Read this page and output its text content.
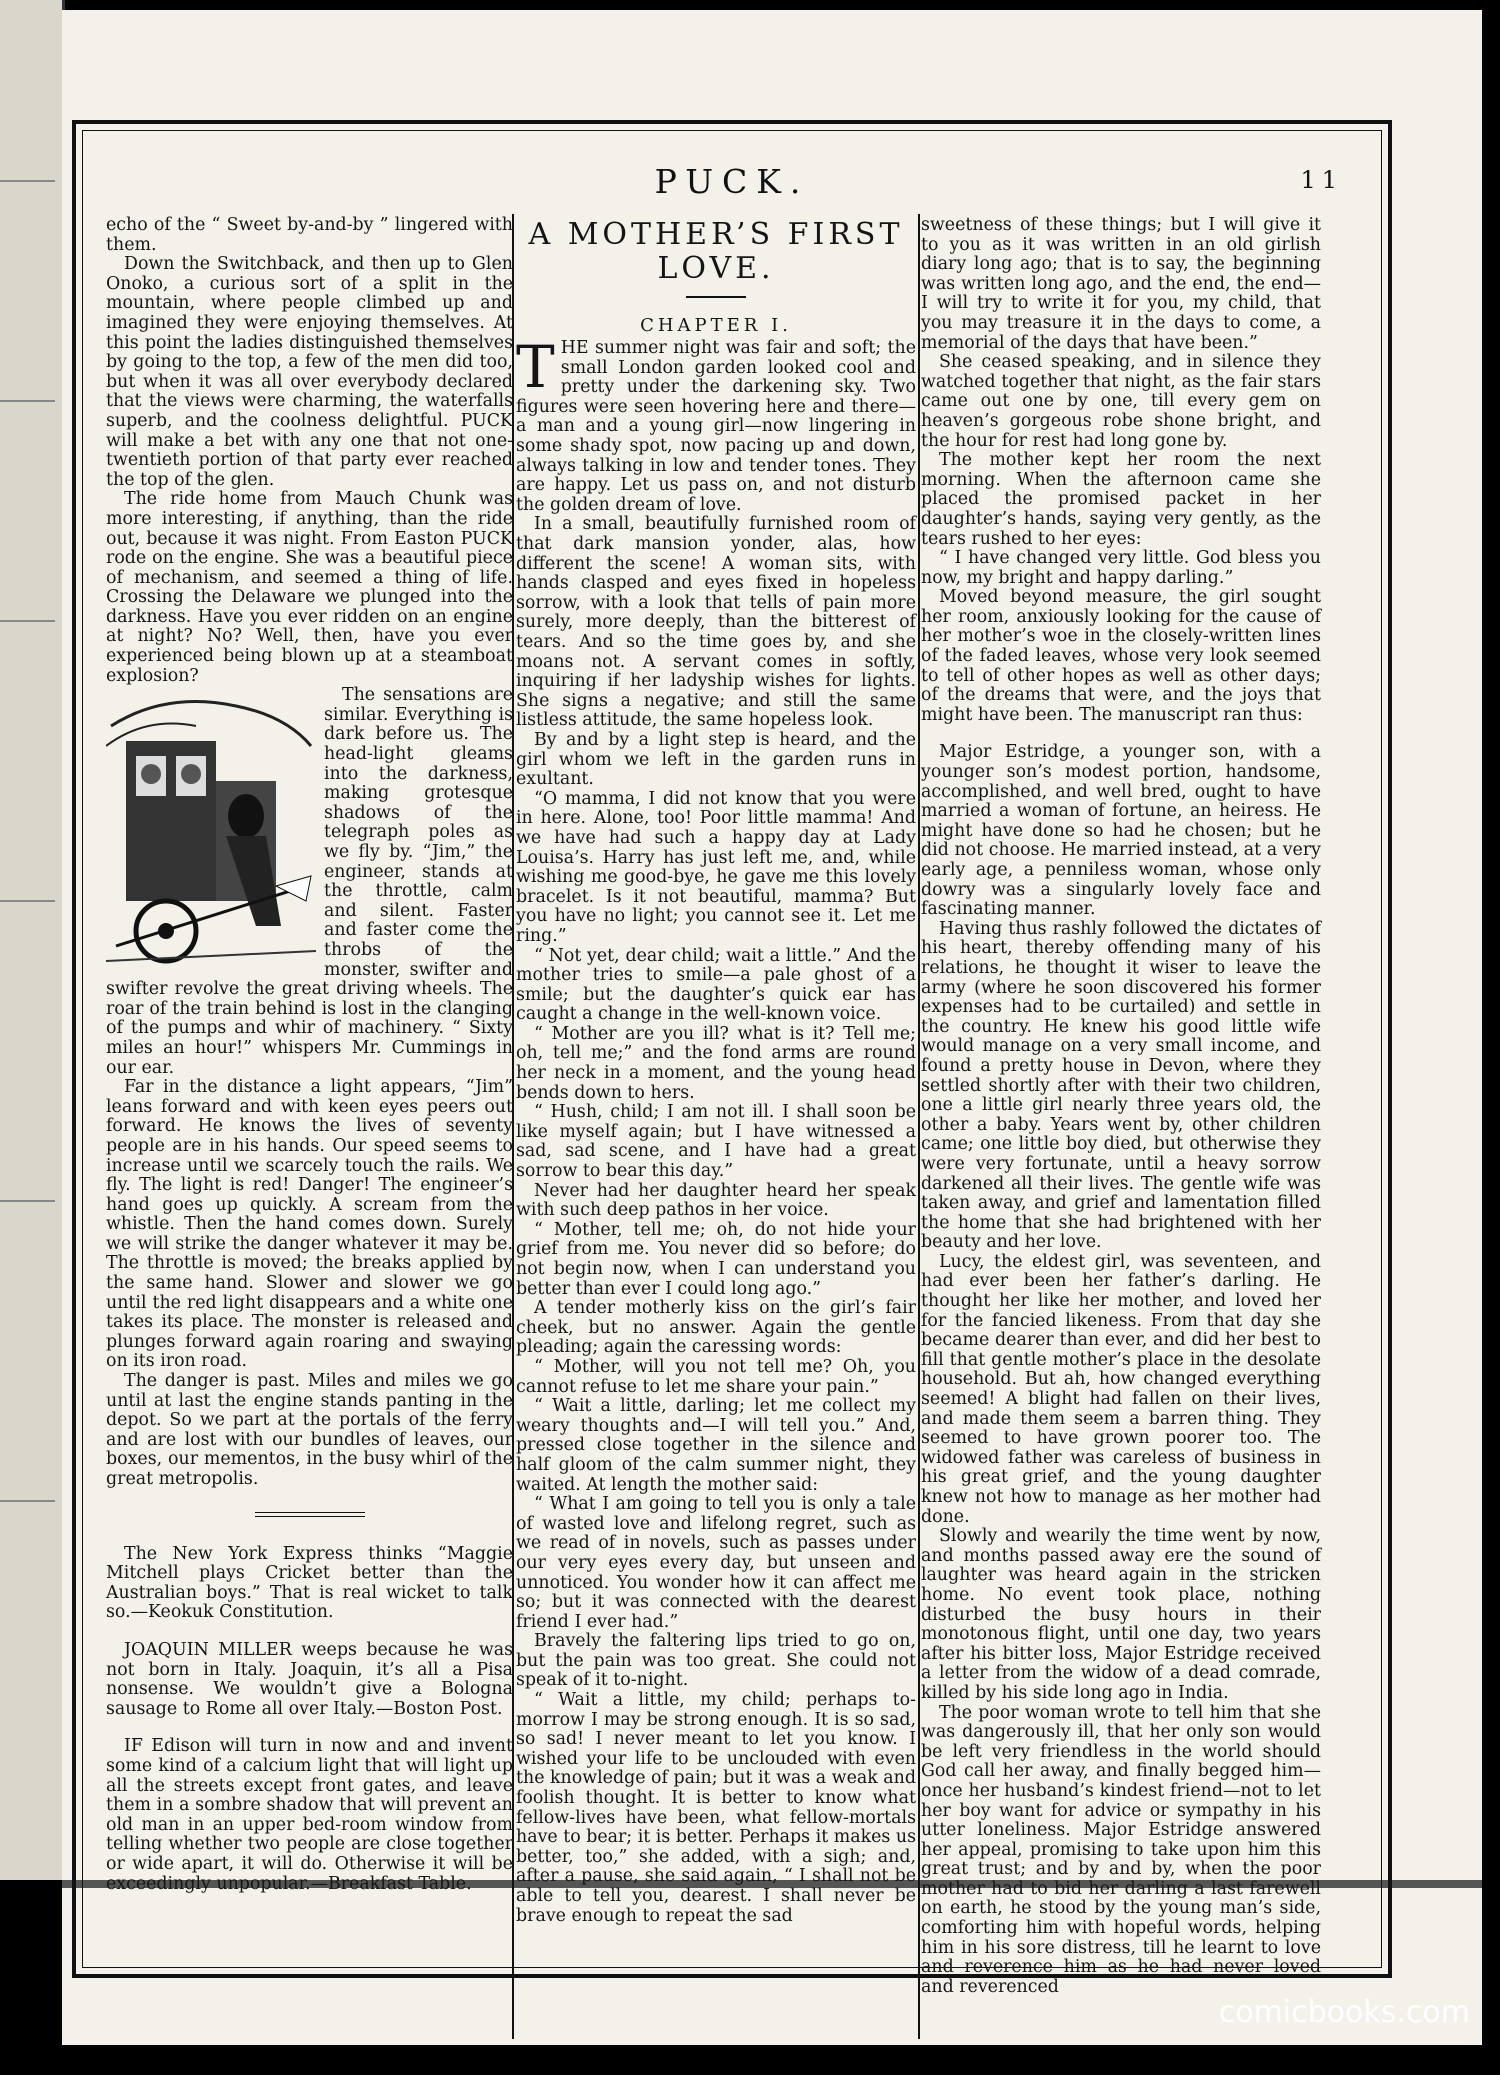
PUCK.	11

echo of the “ Sweet by-and-by ” lingered with them.

Down the Switchback, and then up to Glen Onoko, a curious sort of a split in the mountain, where people climbed up and imagined they were enjoying themselves. At this point the ladies distinguished themselves by going to the top, a few of the men did too, but when it was all over everybody declared that the views were charming, the waterfalls superb, and the coolness delightful. PUCK will make a bet with any one that not one-twentieth portion of that party ever reached the top of the glen.

The ride home from Mauch Chunk was more interesting, if anything, than the ride out, because it was night. From Easton PUCK rode on the engine. She was a beautiful piece of mechanism, and seemed a thing of life. Crossing the Delaware we plunged into the darkness. Have you ever ridden on an engine at night? No? Well, then, have you ever experienced being blown up at a steamboat explosion?

The sensations are similar. Everything is dark before us. The head-light gleams into the darkness, making grotesque shadows of the telegraph poles as we fly by. “Jim,” the engineer, stands at the throttle, calm and silent. Faster and faster come the throbs of the monster, swifter and swifter revolve the great driving wheels. The roar of the train behind is lost in the clanging of the pumps and whir of machinery. “ Sixty miles an hour!” whispers Mr. Cummings in our ear.

Far in the distance a light appears, “Jim” leans forward and with keen eyes peers out forward. He knows the lives of seventy people are in his hands. Our speed seems to increase until we scarcely touch the rails. We fly. The light is red! Danger! The engineer’s hand goes up quickly. A scream from the whistle. Then the hand comes down. Surely we will strike the danger whatever it may be. The throttle is moved; the breaks applied by the same hand. Slower and slower we go until the red light disappears and a white one takes its place. The monster is released and plunges forward again roaring and swaying on its iron road.

The danger is past. Miles and miles we go until at last the engine stands panting in the depot. So we part at the portals of the ferry and are lost with our bundles of leaves, our boxes, our mementos, in the busy whirl of the great metropolis.

The New York Express thinks “Maggie Mitchell plays Cricket better than the Australian boys.” That is real wicket to talk so.—Keokuk Constitution.

JOAQUIN MILLER weeps because he was not born in Italy. Joaquin, it’s all a Pisa nonsense. We wouldn’t give a Bologna sausage to Rome all over Italy.—Boston Post.

IF Edison will turn in now and and invent some kind of a calcium light that will light up all the streets except front gates, and leave them in a sombre shadow that will prevent an old man in an upper bed-room window from telling whether two people are close together or wide apart, it will do. Otherwise it will be exceedingly unpopular.—Breakfast Table.

A MOTHER’S FIRST LOVE.
CHAPTER I.

THE summer night was fair and soft; the small London garden looked cool and pretty under the darkening sky. Two figures were seen hovering here and there—a man and a young girl—now lingering in some shady spot, now pacing up and down, always talking in low and tender tones. They are happy. Let us pass on, and not disturb the golden dream of love.

In a small, beautifully furnished room of that dark mansion yonder, alas, how different the scene! A woman sits, with hands clasped and eyes fixed in hopeless sorrow, with a look that tells of pain more surely, more deeply, than the bitterest of tears. And so the time goes by, and she moans not. A servant comes in softly, inquiring if her ladyship wishes for lights. She signs a negative; and still the same listless attitude, the same hopeless look.

By and by a light step is heard, and the girl whom we left in the garden runs in exultant.

“O mamma, I did not know that you were in here. Alone, too! Poor little mamma! And we have had such a happy day at Lady Louisa’s. Harry has just left me, and, while wishing me good-bye, he gave me this lovely bracelet. Is it not beautiful, mamma? But you have no light; you cannot see it. Let me ring.”

“ Not yet, dear child; wait a little.” And the mother tries to smile—a pale ghost of a smile; but the daughter’s quick ear has caught a change in the well-known voice.

“ Mother are you ill? what is it? Tell me; oh, tell me;” and the fond arms are round her neck in a moment, and the young head bends down to hers.

“ Hush, child; I am not ill. I shall soon be like myself again; but I have witnessed a sad, sad scene, and I have had a great sorrow to bear this day.”

Never had her daughter heard her speak with such deep pathos in her voice.

“ Mother, tell me; oh, do not hide your grief from me. You never did so before; do not begin now, when I can understand you better than ever I could long ago.”

A tender motherly kiss on the girl’s fair cheek, but no answer. Again the gentle pleading; again the caressing words:

“ Mother, will you not tell me? Oh, you cannot refuse to let me share your pain.”

“ Wait a little, darling; let me collect my weary thoughts and—I will tell you.” And, pressed close together in the silence and half gloom of the calm summer night, they waited. At length the mother said:

“ What I am going to tell you is only a tale of wasted love and lifelong regret, such as we read of in novels, such as passes under our very eyes every day, but unseen and unnoticed. You wonder how it can affect me so; but it was connected with the dearest friend I ever had.”

Bravely the faltering lips tried to go on, but the pain was too great. She could not speak of it to-night.

“ Wait a little, my child; perhaps to-morrow I may be strong enough. It is so sad, so sad! I never meant to let you know. I wished your life to be unclouded with even the knowledge of pain; but it was a weak and foolish thought. It is better to know what fellow-lives have been, what fellow-mortals have to bear; it is better. Perhaps it makes us better, too,” she added, with a sigh; and, after a pause, she said again, “ I shall not be able to tell you, dearest. I shall never be brave enough to repeat the sad

sweetness of these things; but I will give it to you as it was written in an old girlish diary long ago; that is to say, the beginning was written long ago, and the end, the end—I will try to write it for you, my child, that you may treasure it in the days to come, a memorial of the days that have been.”

She ceased speaking, and in silence they watched together that night, as the fair stars came out one by one, till every gem on heaven’s gorgeous robe shone bright, and the hour for rest had long gone by.

The mother kept her room the next morning. When the afternoon came she placed the promised packet in her daughter’s hands, saying very gently, as the tears rushed to her eyes:

“ I have changed very little. God bless you now, my bright and happy darling.”

Moved beyond measure, the girl sought her room, anxiously looking for the cause of her mother’s woe in the closely-written lines of the faded leaves, whose very look seemed to tell of other hopes as well as other days; of the dreams that were, and the joys that might have been. The manuscript ran thus:

Major Estridge, a younger son, with a younger son’s modest portion, handsome, accomplished, and well bred, ought to have married a woman of fortune, an heiress. He might have done so had he chosen; but he did not choose. He married instead, at a very early age, a penniless woman, whose only dowry was a singularly lovely face and fascinating manner.

Having thus rashly followed the dictates of his heart, thereby offending many of his relations, he thought it wiser to leave the army (where he soon discovered his former expenses had to be curtailed) and settle in the country. He knew his good little wife would manage on a very small income, and found a pretty house in Devon, where they settled shortly after with their two children, one a little girl nearly three years old, the other a baby. Years went by, other children came; one little boy died, but otherwise they were very fortunate, until a heavy sorrow darkened all their lives. The gentle wife was taken away, and grief and lamentation filled the home that she had brightened with her beauty and her love.

Lucy, the eldest girl, was seventeen, and had ever been her father’s darling. He thought her like her mother, and loved her for the fancied likeness. From that day she became dearer than ever, and did her best to fill that gentle mother’s place in the desolate household. But ah, how changed everything seemed! A blight had fallen on their lives, and made them seem a barren thing. They seemed to have grown poorer too. The widowed father was careless of business in his great grief, and the young daughter knew not how to manage as her mother had done.

Slowly and wearily the time went by now, and months passed away ere the sound of laughter was heard again in the stricken home. No event took place, nothing disturbed the busy hours in their monotonous flight, until one day, two years after his bitter loss, Major Estridge received a letter from the widow of a dead comrade, killed by his side long ago in India.

The poor woman wrote to tell him that she was dangerously ill, that her only son would be left very friendless in the world should God call her away, and finally begged him—once her husband’s kindest friend—not to let her boy want for advice or sympathy in his utter loneliness. Major Estridge answered her appeal, promising to take upon him this great trust; and by and by, when the poor mother had to bid her darling a last farewell on earth, he stood by the young man’s side, comforting him with hopeful words, helping him in his sore distress, till he learnt to love and reverence him as he had never loved and reverenced

comicbooks.com
